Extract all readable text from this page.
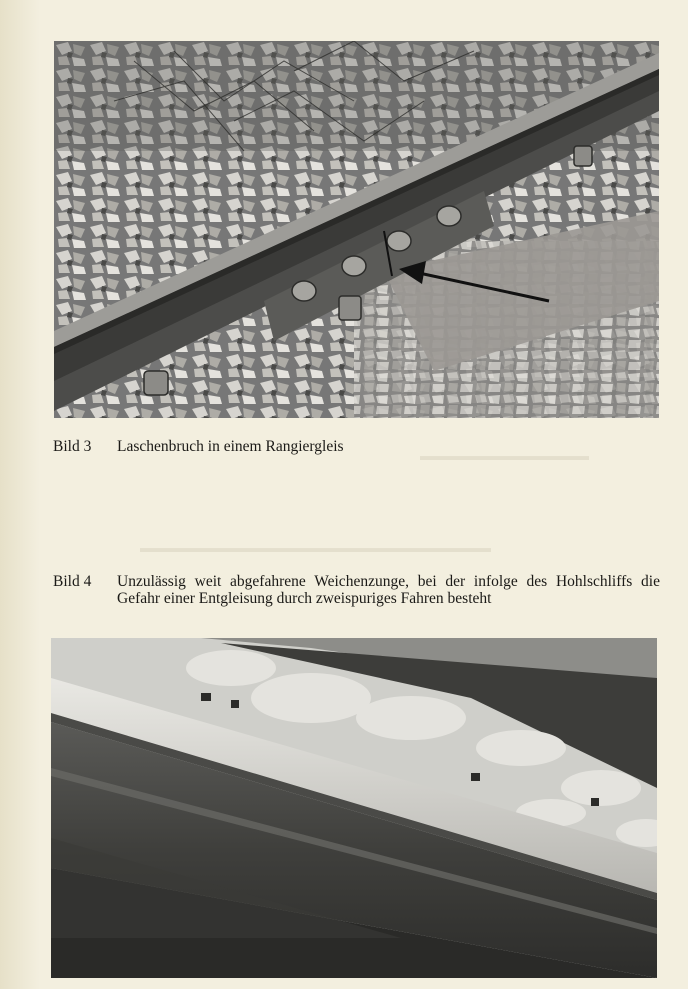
▬▬▬▬▬▬▬▬▬▬▬▬▬
▬▬▬▬▬▬▬▬▬▬▬▬▬▬▬▬▬▬▬▬▬▬▬▬▬▬▬
Bild 3 Laschenbruch in einem Rangiergleis
Bild 4	Unzulässig weit abgefahrene Weichenzunge, bei der infolge des Hohlschliffs die Gefahr einer Entgleisung durch zweispuriges Fahren besteht
